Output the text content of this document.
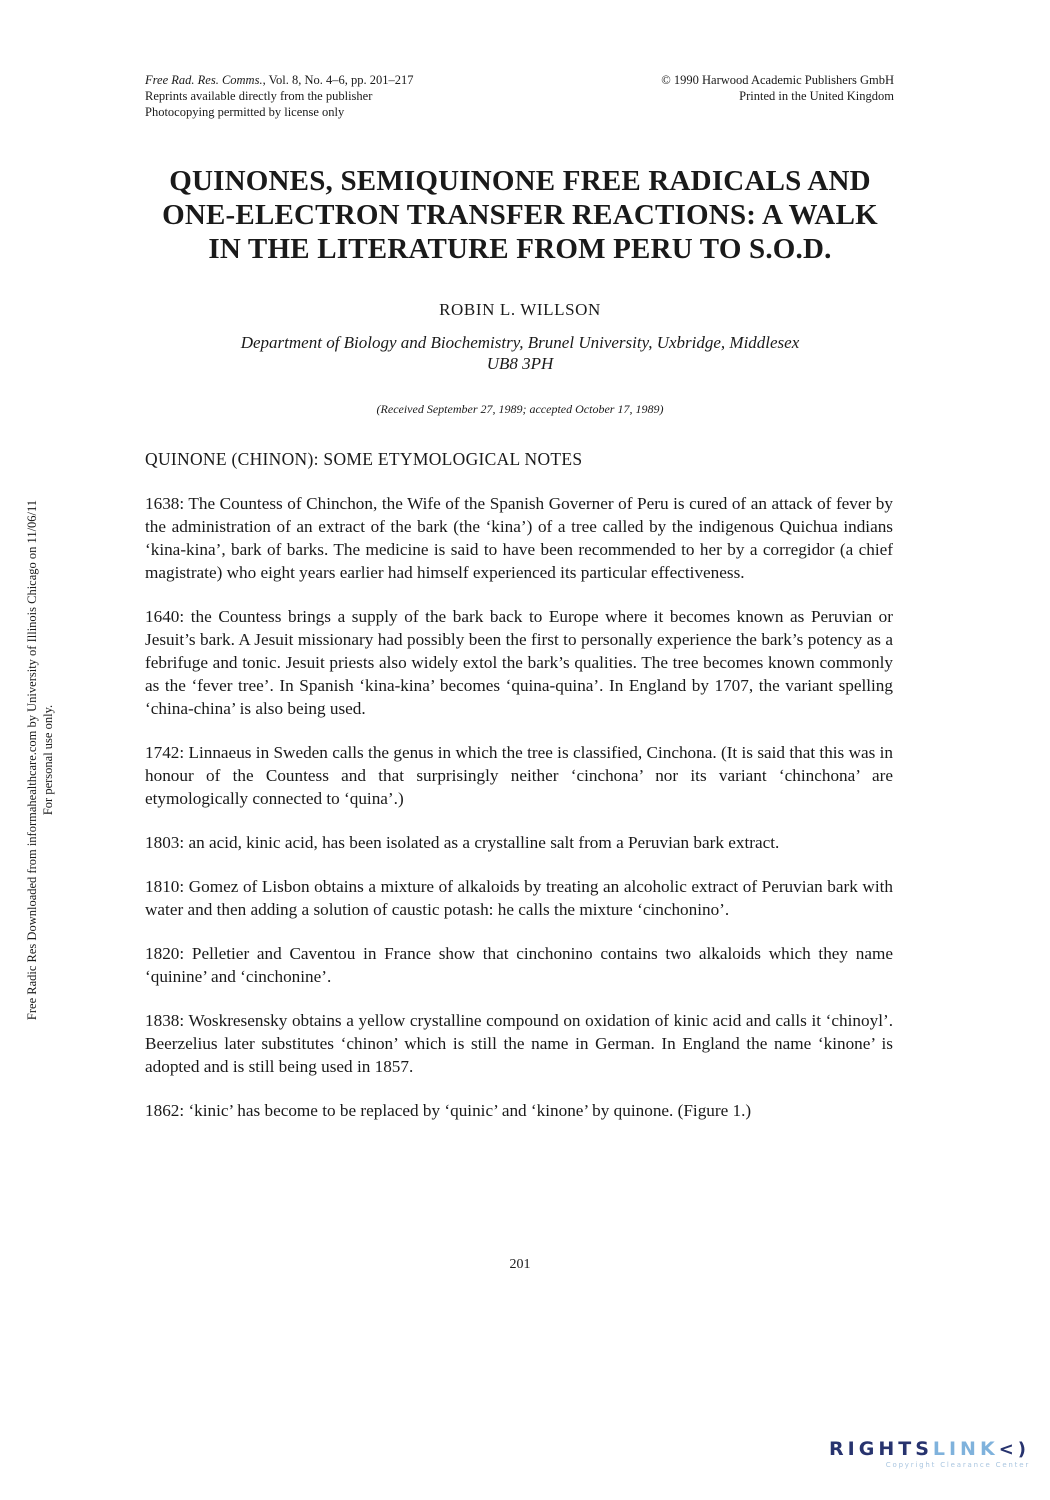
Free Rad. Res. Comms., Vol. 8, No. 4–6, pp. 201–217
Reprints available directly from the publisher
Photocopying permitted by license only
© 1990 Harwood Academic Publishers GmbH
Printed in the United Kingdom
QUINONES, SEMIQUINONE FREE RADICALS AND
ONE-ELECTRON TRANSFER REACTIONS: A WALK
IN THE LITERATURE FROM PERU TO S.O.D.
ROBIN L. WILLSON
Department of Biology and Biochemistry, Brunel University, Uxbridge, Middlesex
UB8 3PH
(Received September 27, 1989; accepted October 17, 1989)
QUINONE (CHINON): SOME ETYMOLOGICAL NOTES

1638: The Countess of Chinchon, the Wife of the Spanish Governer of Peru is cured of an attack of fever by the administration of an extract of the bark (the ‘kina’) of a tree called by the indigenous Quichua indians ‘kina-kina’, bark of barks. The medicine is said to have been recommended to her by a corregidor (a chief magistrate) who eight years earlier had himself experienced its particular effectiveness.

1640: the Countess brings a supply of the bark back to Europe where it becomes known as Peruvian or Jesuit’s bark. A Jesuit missionary had possibly been the first to personally experience the bark’s potency as a febrifuge and tonic. Jesuit priests also widely extol the bark’s qualities. The tree becomes known commonly as the ‘fever tree’. In Spanish ‘kina-kina’ becomes ‘quina-quina’. In England by 1707, the variant spelling ‘china-china’ is also being used.

1742: Linnaeus in Sweden calls the genus in which the tree is classified, Cinchona. (It is said that this was in honour of the Countess and that surprisingly neither ‘cinchona’ nor its variant ‘chinchona’ are etymologically connected to ‘quina’.)

1803: an acid, kinic acid, has been isolated as a crystalline salt from a Peruvian bark extract.

1810: Gomez of Lisbon obtains a mixture of alkaloids by treating an alcoholic extract of Peruvian bark with water and then adding a solution of caustic potash: he calls the mixture ‘cinchonino’.

1820: Pelletier and Caventou in France show that cinchonino contains two alkaloids which they name ‘quinine’ and ‘cinchonine’.

1838: Woskresensky obtains a yellow crystalline compound on oxidation of kinic acid and calls it ‘chinoyl’. Beerzelius later substitutes ‘chinon’ which is still the name in German. In England the name ‘kinone’ is adopted and is still being used in 1857.

1862: ‘kinic’ has become to be replaced by ‘quinic’ and ‘kinone’ by quinone. (Figure 1.)

201
Free Radic Res Downloaded from informahealthcare.com by University of Illinois Chicago on 11/06/11 For personal use only.
RIGHTSLINK<)
Copyright Clearance Center
